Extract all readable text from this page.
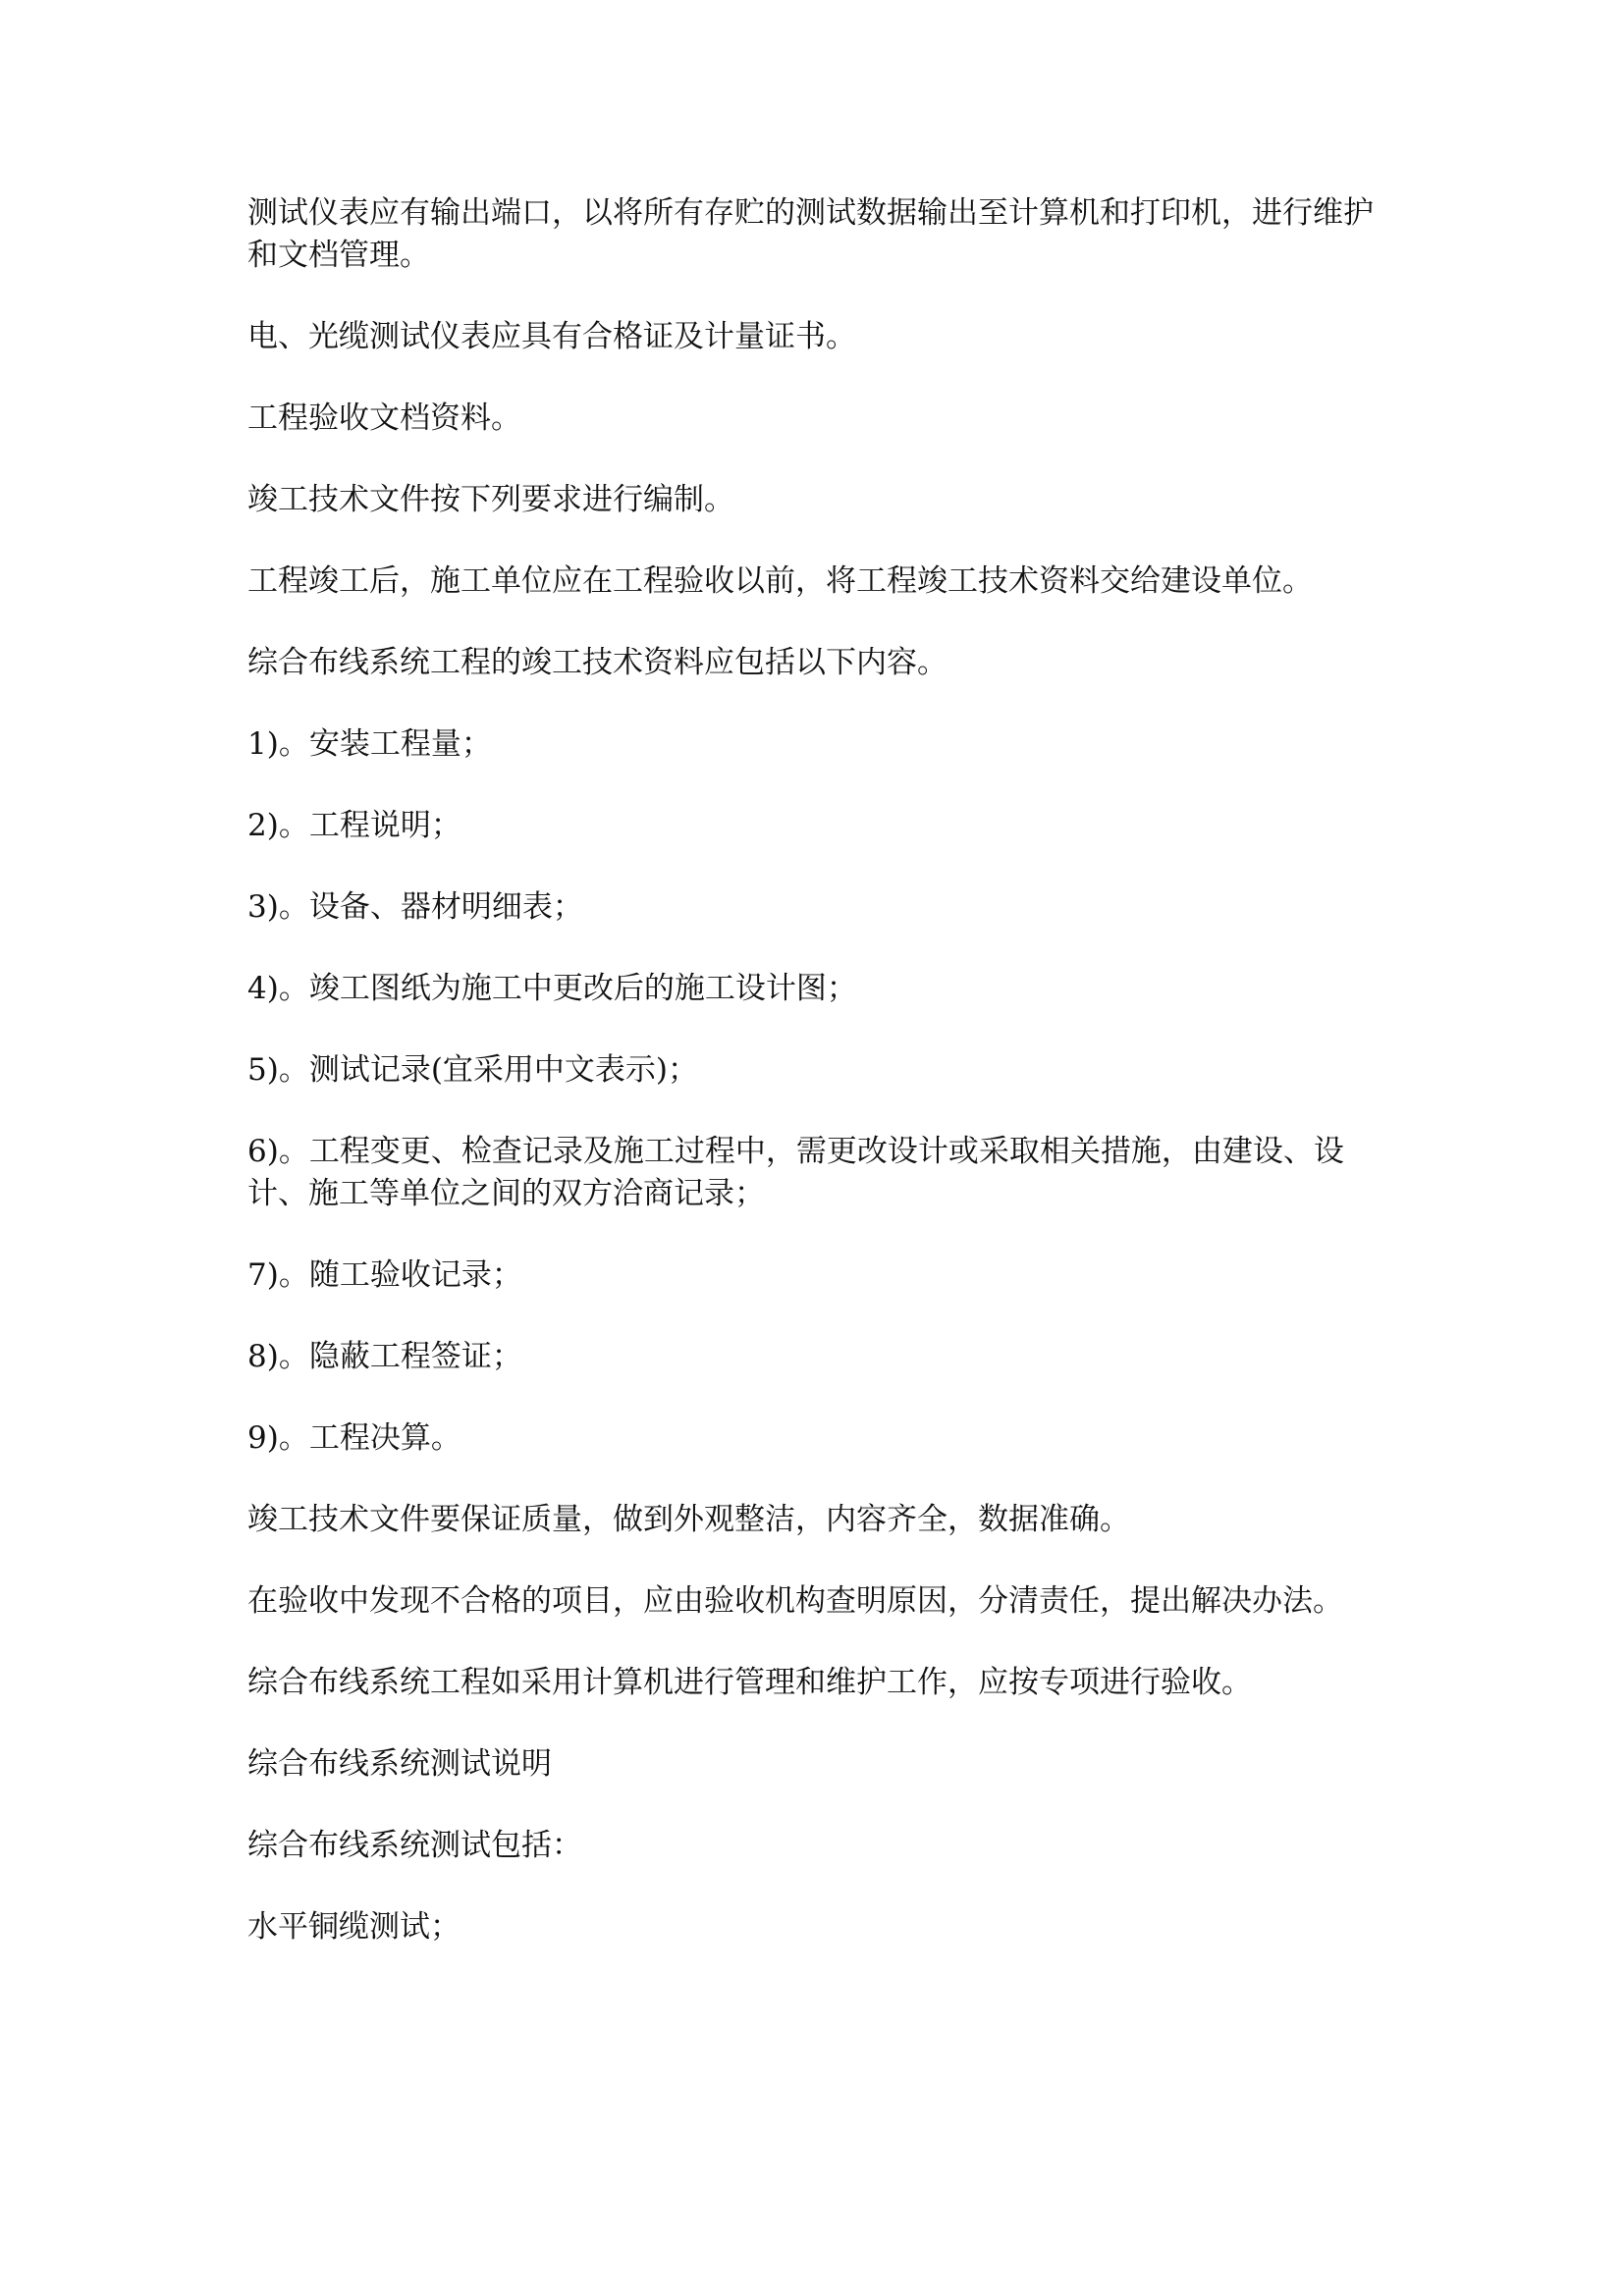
测试仪表应有输出端口，以将所有存贮的测试数据输出至计算机和打印机，进行维护和文档管理。

电、光缆测试仪表应具有合格证及计量证书。

工程验收文档资料。

竣工技术文件按下列要求进行编制。

工程竣工后，施工单位应在工程验收以前，将工程竣工技术资料交给建设单位。

综合布线系统工程的竣工技术资料应包括以下内容。

1)。安装工程量；

2)。工程说明；

3)。设备、器材明细表；

4)。竣工图纸为施工中更改后的施工设计图；

5)。测试记录(宜采用中文表示)；

6)。工程变更、检查记录及施工过程中，需更改设计或采取相关措施，由建设、设计、施工等单位之间的双方洽商记录；

7)。随工验收记录；

8)。隐蔽工程签证；

9)。工程决算。

竣工技术文件要保证质量，做到外观整洁，内容齐全，数据准确。

在验收中发现不合格的项目，应由验收机构查明原因，分清责任，提出解决办法。

综合布线系统工程如采用计算机进行管理和维护工作，应按专项进行验收。

综合布线系统测试说明

综合布线系统测试包括：

水平铜缆测试；
